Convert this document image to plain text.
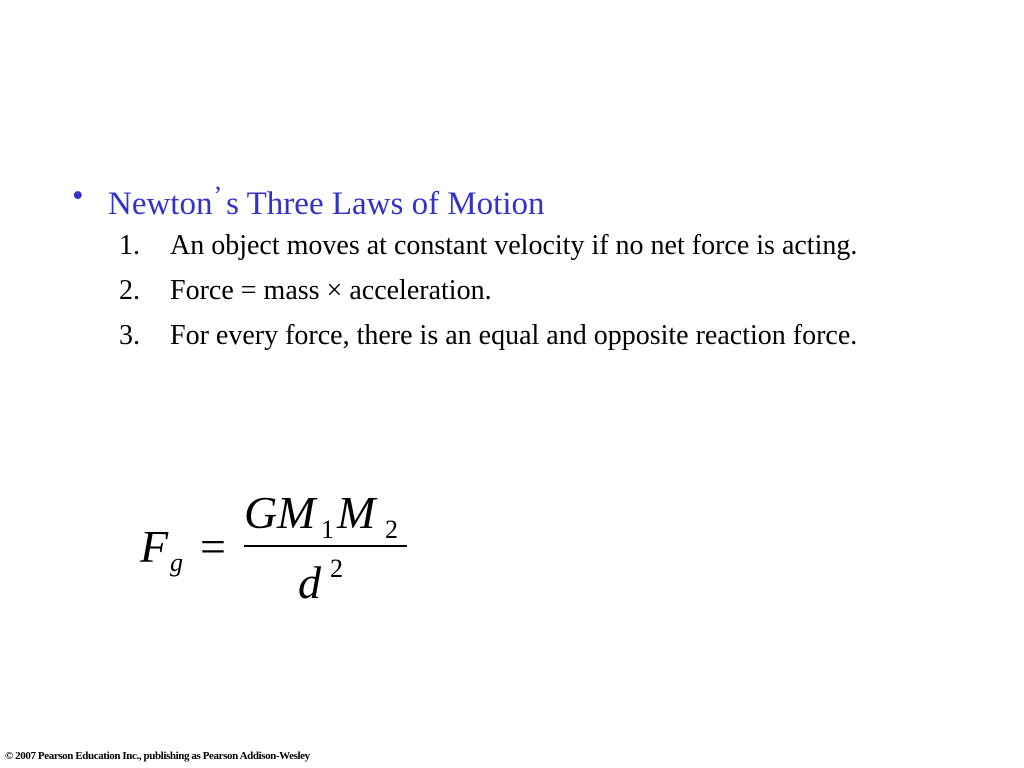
• Newton’ s Three Laws of Motion
1. An object moves at constant velocity if no net force is acting.
2. Force = mass × acceleration.
3. For every force, there is an equal and opposite reaction force.
F g =
G M 1 M 2
d 2
© 2007 Pearson Education Inc., publishing as Pearson Addison-Wesley
